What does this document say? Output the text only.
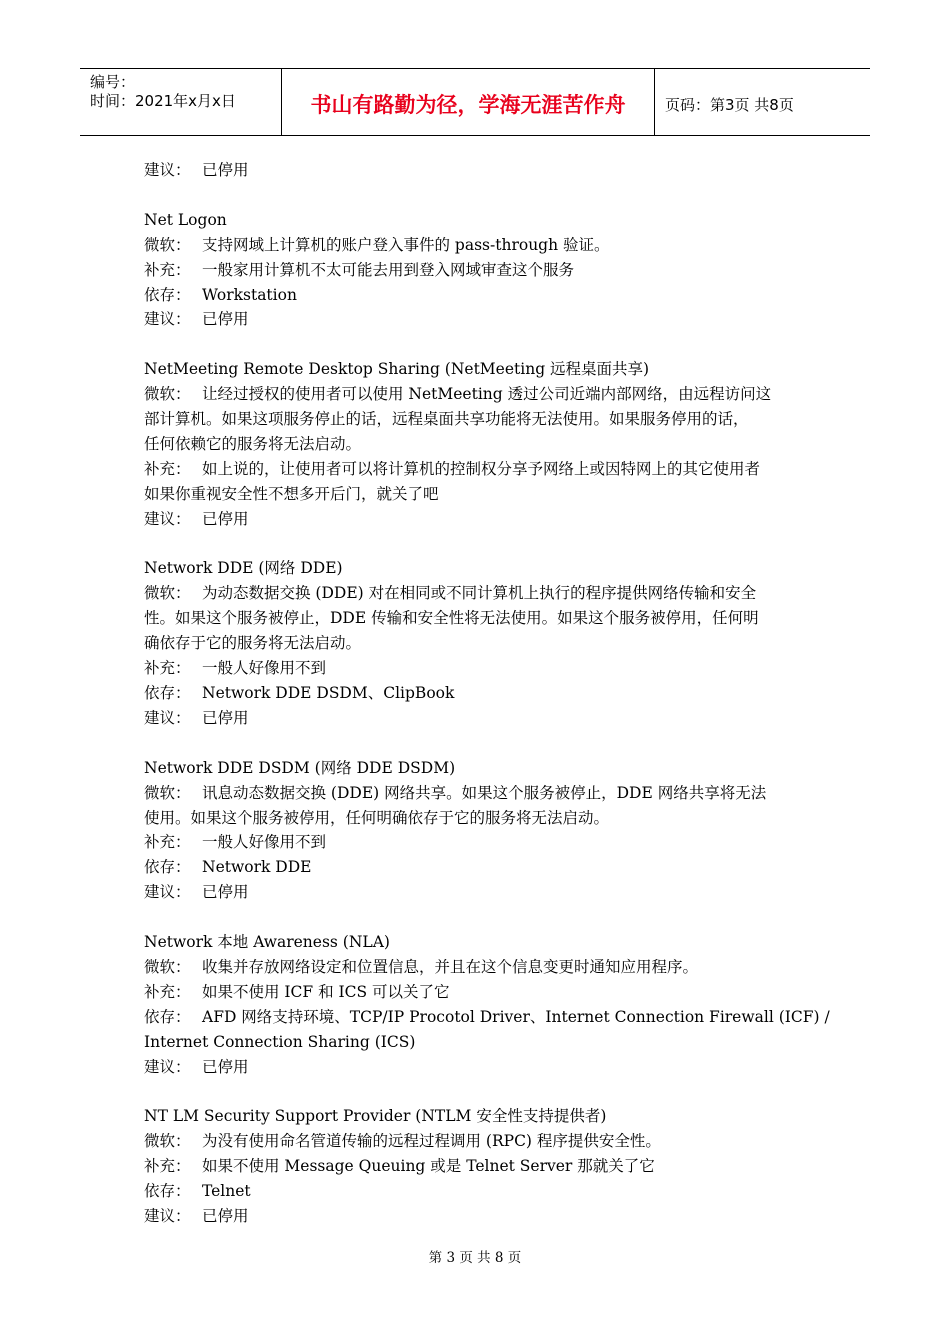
编号：
时间：2021年x月x日	书山有路勤为径，学海无涯苦作舟	页码：第3页 共8页

建议： 已停用

Net Logon

微软： 支持网域上计算机的账户登入事件的 pass-through 验证。

补充： 一般家用计算机不太可能去用到登入网域审查这个服务

依存： Workstation

建议： 已停用

NetMeeting Remote Desktop Sharing (NetMeeting 远程桌面共享)

微软： 让经过授权的使用者可以使用 NetMeeting 透过公司近端内部网络，由远程访问这

部计算机。如果这项服务停止的话，远程桌面共享功能将无法使用。如果服务停用的话，

任何依赖它的服务将无法启动。

补充： 如上说的，让使用者可以将计算机的控制权分享予网络上或因特网上的其它使用者

如果你重视安全性不想多开后门，就关了吧

建议： 已停用

Network DDE (网络 DDE)

微软： 为动态数据交换 (DDE) 对在相同或不同计算机上执行的程序提供网络传输和安全

性。如果这个服务被停止，DDE 传输和安全性将无法使用。如果这个服务被停用，任何明

确依存于它的服务将无法启动。

补充： 一般人好像用不到

依存： Network DDE DSDM、ClipBook

建议： 已停用

Network DDE DSDM (网络 DDE DSDM)

微软： 讯息动态数据交换 (DDE) 网络共享。如果这个服务被停止，DDE 网络共享将无法

使用。如果这个服务被停用，任何明确依存于它的服务将无法启动。

补充： 一般人好像用不到

依存： Network DDE

建议： 已停用

Network 本地 Awareness (NLA)

微软： 收集并存放网络设定和位置信息，并且在这个信息变更时通知应用程序。

补充： 如果不使用 ICF 和 ICS 可以关了它

依存： AFD 网络支持环境、TCP/IP Procotol Driver、Internet Connection Firewall (ICF) /

Internet Connection Sharing (ICS)

建议： 已停用

NT LM Security Support Provider (NTLM 安全性支持提供者)

微软： 为没有使用命名管道传输的远程过程调用 (RPC) 程序提供安全性。

补充： 如果不使用 Message Queuing 或是 Telnet Server 那就关了它

依存： Telnet

建议： 已停用

第 3 页 共 8 页
